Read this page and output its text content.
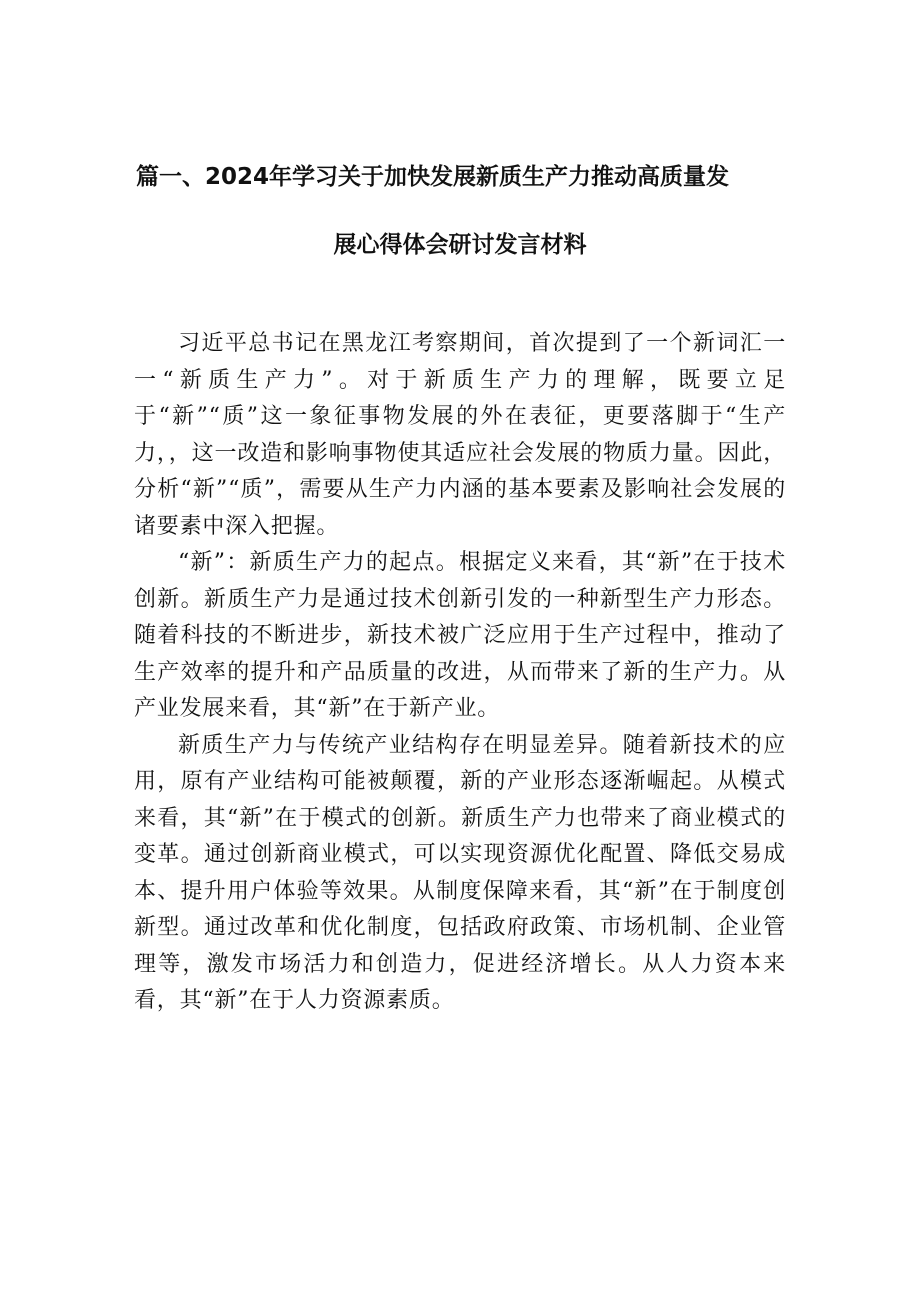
篇一、2024年学习关于加快发展新质生产力推动高质量发
展心得体会研讨发言材料

习近平总书记在黑龙江考察期间，首次提到了一个新词汇一一“新质生产力”。对于新质生产力的理解，既要立足于“新”“质”这一象征事物发展的外在表征，更要落脚于“生产力，，这一改造和影响事物使其适应社会发展的物质力量。因此，分析“新”“质”，需要从生产力内涵的基本要素及影响社会发展的诸要素中深入把握。

“新”：新质生产力的起点。根据定义来看，其“新”在于技术创新。新质生产力是通过技术创新引发的一种新型生产力形态。随着科技的不断进步，新技术被广泛应用于生产过程中，推动了生产效率的提升和产品质量的改进，从而带来了新的生产力。从产业发展来看，其“新”在于新产业。

新质生产力与传统产业结构存在明显差异。随着新技术的应用，原有产业结构可能被颠覆，新的产业形态逐渐崛起。从模式来看，其“新”在于模式的创新。新质生产力也带来了商业模式的变革。通过创新商业模式，可以实现资源优化配置、降低交易成本、提升用户体验等效果。从制度保障来看，其“新”在于制度创新型。通过改革和优化制度，包括政府政策、市场机制、企业管理等，激发市场活力和创造力，促进经济增长。从人力资本来看，其“新”在于人力资源素质。
